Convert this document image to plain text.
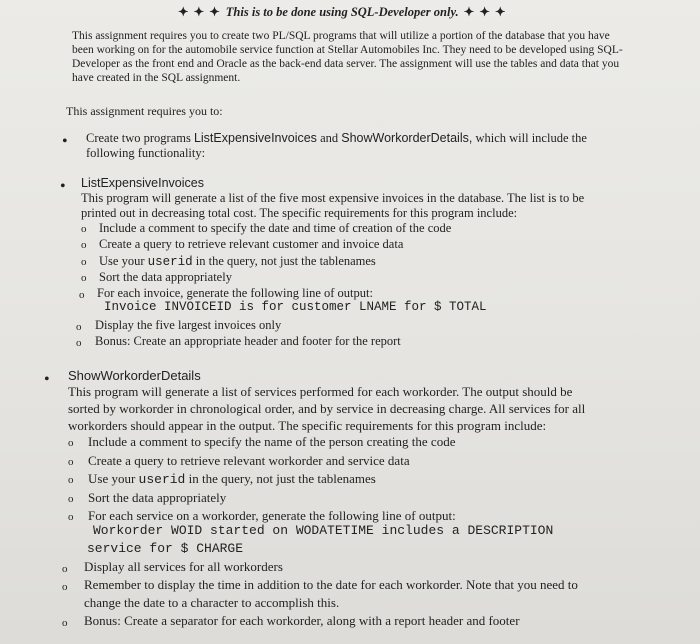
✦ ✦ ✦ This is to be done using SQL-Developer only. ✦ ✦ ✦
This assignment requires you to create two PL/SQL programs that will utilize a portion of the database that you have been working on for the automobile service function at Stellar Automobiles Inc. They need to be developed using SQL-Developer as the front end and Oracle as the back-end data server. The assignment will use the tables and data that you have created in the SQL assignment.
This assignment requires you to:
• Create two programs ListExpensiveInvoices and ShowWorkorderDetails, which will include the
following functionality:
• ListExpensiveInvoices
This program will generate a list of the five most expensive invoices in the database. The list is to be
printed out in decreasing total cost. The specific requirements for this program include:
o Include a comment to specify the date and time of creation of the code
o Create a query to retrieve relevant customer and invoice data
o Use your userid in the query, not just the tablenames
o Sort the data appropriately
o For each invoice, generate the following line of output:
Invoice INVOICEID is for customer LNAME for $ TOTAL
o Display the five largest invoices only
o Bonus: Create an appropriate header and footer for the report
• ShowWorkorderDetails
This program will generate a list of services performed for each workorder. The output should be
sorted by workorder in chronological order, and by service in decreasing charge. All services for all
workorders should appear in the output. The specific requirements for this program include:
o Include a comment to specify the name of the person creating the code
o Create a query to retrieve relevant workorder and service data
o Use your userid in the query, not just the tablenames
o Sort the data appropriately
o For each service on a workorder, generate the following line of output:
Workorder WOID started on WODATETIME includes a DESCRIPTION
service for $ CHARGE
o Display all services for all workorders
o Remember to display the time in addition to the date for each workorder. Note that you need to
change the date to a character to accomplish this.
o Bonus: Create a separator for each workorder, along with a report header and footer
